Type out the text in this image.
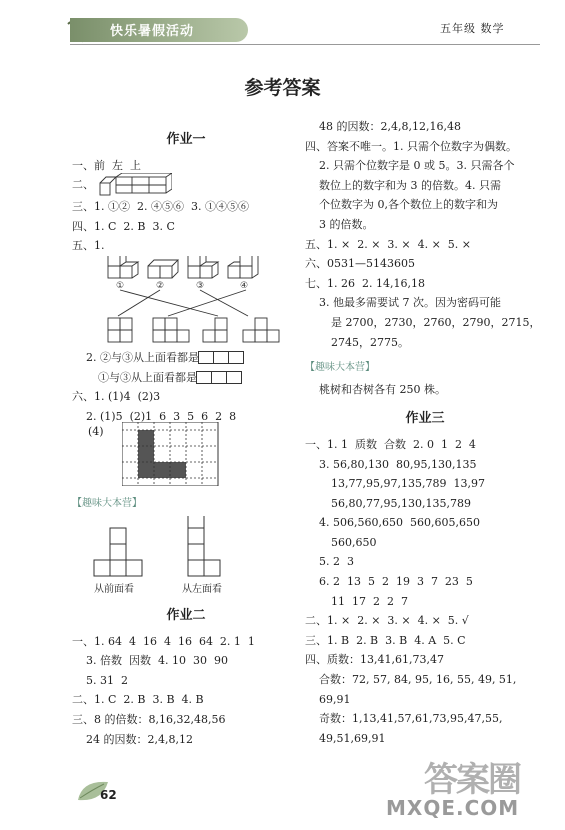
快乐暑假活动	五年级 数学
参考答案
作业一
一、前  左  上
二、
三、1. ①②  2. ④⑤⑥  3. ①④⑤⑥
四、1. C  2. B  3. C
五、1.
①	②	③	④
2. ②与③从上面看都是
①与③从上面看都是
六、1. (1)4  (2)3
2. (1)5  (2)1  6  3  5  6  2  8
(4)
【趣味大本营】
从前面看	从左面看
作业二
一、1. 64  4  16  4  16  64  2. 1  1
3. 倍数  因数  4. 10  30  90
5. 31  2
二、1. C  2. B  3. B  4. B
三、8 的倍数：8,16,32,48,56
24 的因数：2,4,8,12
48 的因数：2,4,8,12,16,48
四、答案不唯一。1. 只需个位数字为偶数。
2. 只需个位数字是 0 或 5。3. 只需各个
数位上的数字和为 3 的倍数。4. 只需
个位数字为 0,各个数位上的数字和为
3 的倍数。
五、1. ×  2. ×  3. ×  4. ×  5. ×
六、0531—5143605
七、1. 26  2. 14,16,18
3. 他最多需要试 7 次。因为密码可能
是 2700，2730，2760，2790，2715，
2745，2775。
【趣味大本营】
桃树和杏树各有 250 株。
作业三
一、1. 1  质数  合数  2. 0  1  2  4
3. 56,80,130  80,95,130,135
13,77,95,97,135,789  13,97
56,80,77,95,130,135,789
4. 506,560,650  560,605,650
560,650
5. 2  3
6. 2  13  5  2  19  3  7  23  5
11  17  2  2  7
二、1. ×  2. ×  3. ×  4. ×  5. √
三、1. B  2. B  3. B  4. A  5. C
四、质数：13,41,61,73,47
合数：72, 57, 84, 95, 16, 55, 49, 51,
69,91
奇数：1,13,41,57,61,73,95,47,55,
49,51,69,91
62	答案圈
MXQE.COM
